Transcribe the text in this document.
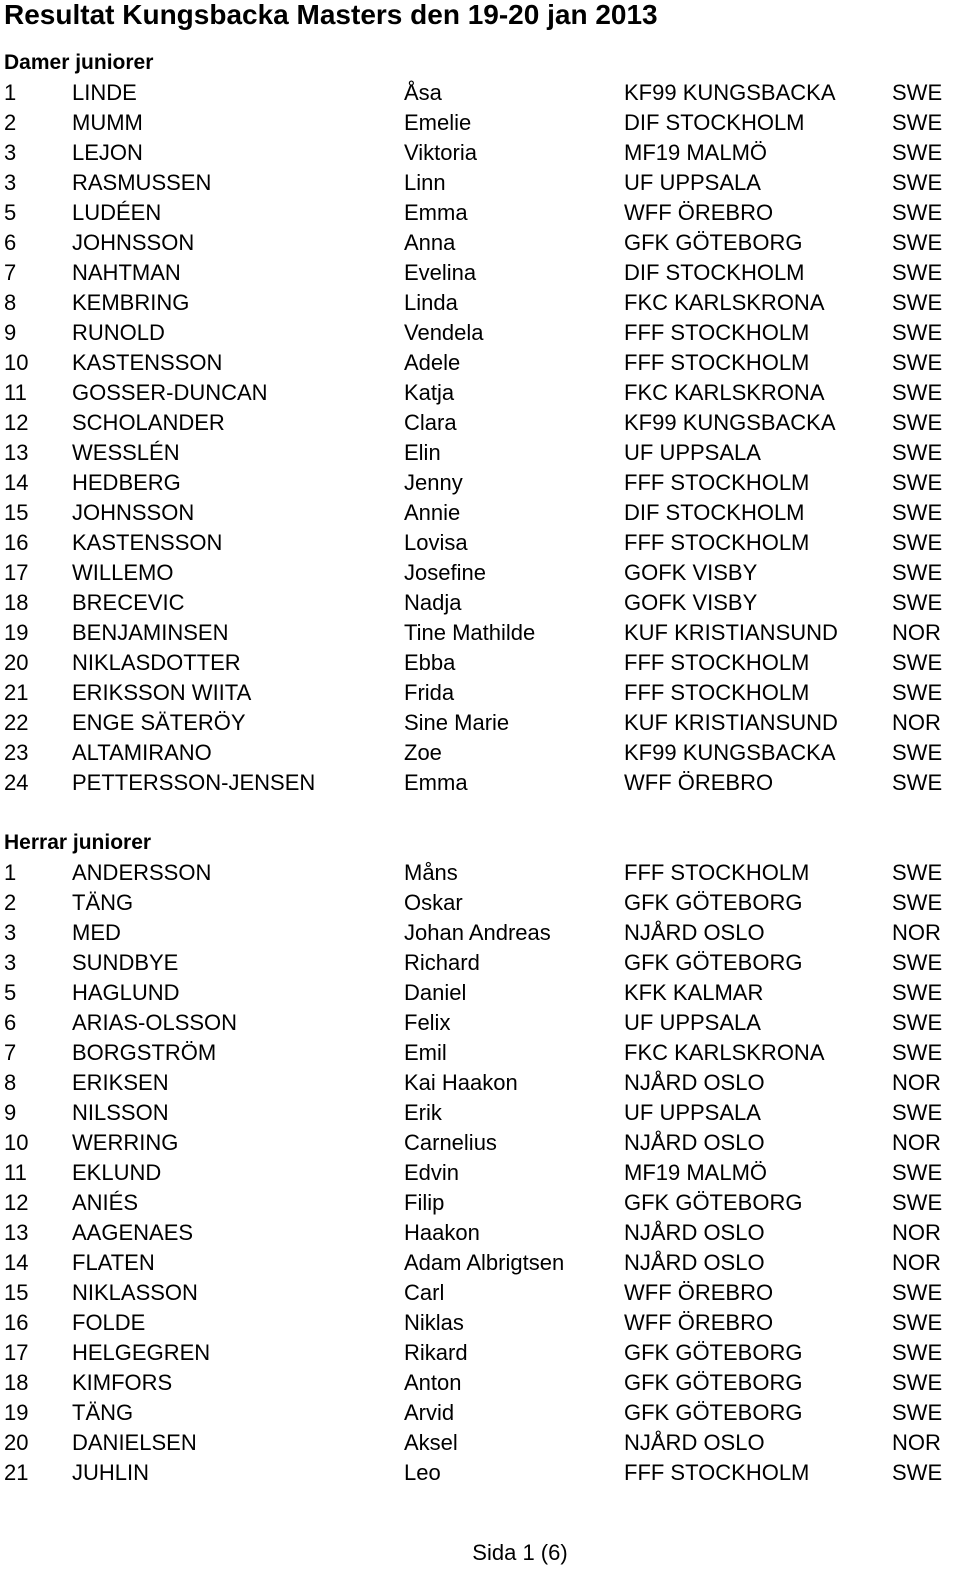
Resultat Kungsbacka Masters den 19-20 jan 2013
Damer juniorer
1	LINDE	Åsa	KF99 KUNGSBACKA	SWE
2	MUMM	Emelie	DIF STOCKHOLM	SWE
3	LEJON	Viktoria	MF19 MALMÖ	SWE
3	RASMUSSEN	Linn	UF UPPSALA	SWE
5	LUDÉEN	Emma	WFF ÖREBRO	SWE
6	JOHNSSON	Anna	GFK GÖTEBORG	SWE
7	NAHTMAN	Evelina	DIF STOCKHOLM	SWE
8	KEMBRING	Linda	FKC KARLSKRONA	SWE
9	RUNOLD	Vendela	FFF STOCKHOLM	SWE
10 KASTENSSON	Adele	FFF STOCKHOLM	SWE
11 GOSSER-DUNCAN	Katja	FKC KARLSKRONA	SWE
12 SCHOLANDER	Clara	KF99 KUNGSBACKA	SWE
13 WESSLÉN	Elin	UF UPPSALA	SWE
14 HEDBERG	Jenny	FFF STOCKHOLM	SWE
15 JOHNSSON	Annie	DIF STOCKHOLM	SWE
16 KASTENSSON	Lovisa	FFF STOCKHOLM	SWE
17 WILLEMO	Josefine	GOFK VISBY	SWE
18 BRECEVIC	Nadja	GOFK VISBY	SWE
19 BENJAMINSEN	Tine Mathilde	KUF KRISTIANSUND NOR
20 NIKLASDOTTER	Ebba	FFF STOCKHOLM	SWE
21 ERIKSSON WIITA	Frida	FFF STOCKHOLM	SWE
22 ENGE SÄTERÖY	Sine Marie	KUF KRISTIANSUND NOR
23 ALTAMIRANO	Zoe	KF99 KUNGSBACKA	SWE
24 PETTERSSON-JENSEN	Emma	WFF ÖREBRO	SWE
Herrar juniorer
1	ANDERSSON	Måns	FFF STOCKHOLM	SWE
2	TÄNG	Oskar	GFK GÖTEBORG	SWE
3	MED	Johan Andreas	NJÅRD OSLO	NOR
3	SUNDBYE	Richard	GFK GÖTEBORG	SWE
5	HAGLUND	Daniel	KFK KALMAR	SWE
6	ARIAS-OLSSON	Felix	UF UPPSALA	SWE
7	BORGSTRÖM	Emil	FKC KARLSKRONA	SWE
8	ERIKSEN	Kai Haakon	NJÅRD OSLO	NOR
9	NILSSON	Erik	UF UPPSALA	SWE
10 WERRING	Carnelius	NJÅRD OSLO	NOR
11 EKLUND	Edvin	MF19 MALMÖ	SWE
12 ANIÉS	Filip	GFK GÖTEBORG	SWE
13 AAGENAES	Haakon	NJÅRD OSLO	NOR
14 FLATEN	Adam Albrigtsen	NJÅRD OSLO	NOR
15 NIKLASSON	Carl	WFF ÖREBRO	SWE
16 FOLDE	Niklas	WFF ÖREBRO	SWE
17 HELGEGREN	Rikard	GFK GÖTEBORG	SWE
18 KIMFORS	Anton	GFK GÖTEBORG	SWE
19 TÄNG	Arvid	GFK GÖTEBORG	SWE
20 DANIELSEN	Aksel	NJÅRD OSLO	NOR
21 JUHLIN	Leo	FFF STOCKHOLM	SWE
Sida 1 (6)
